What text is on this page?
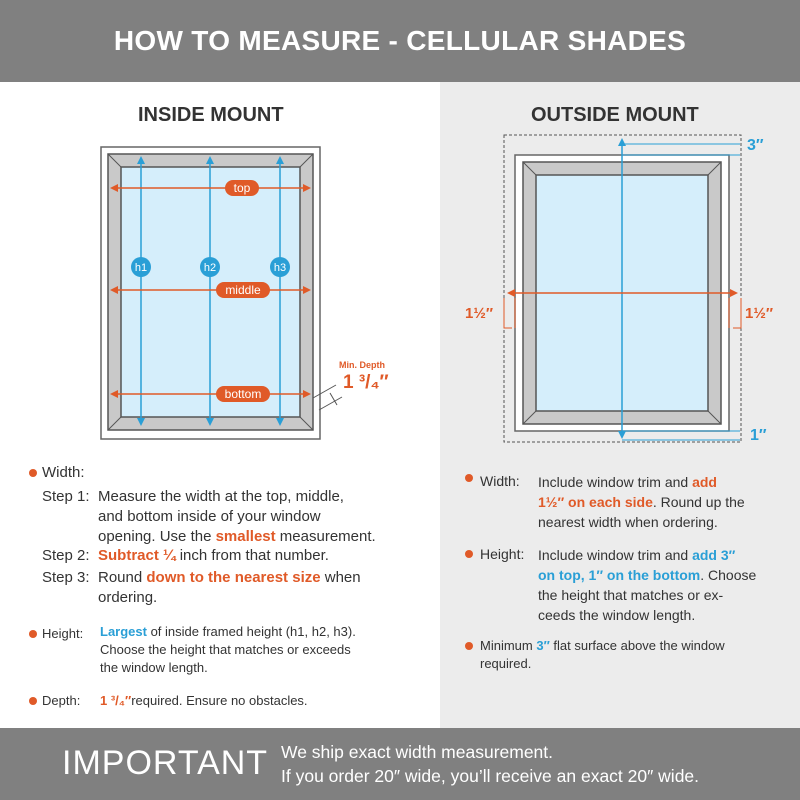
HOW TO MEASURE - CELLULAR SHADES
INSIDE MOUNT	OUTSIDE MOUNT
top
middle
bottom
h1	h2	h3
Min. Depth
1 ³/₄″
3″
1″
1½″	1½″
Width:
Step 1: Measure the width at the top, middle,
and bottom inside of your window
opening. Use the smallest measurement.
Step 2: Subtract ¼ inch from that number.
Step 3: Round down to the nearest size when
ordering.
Height: Largest of inside framed height (h1, h2, h3).
Choose the height that matches or exceeds
the window length.
Depth: 1 ³/₄″required. Ensure no obstacles.
Width: Include window trim and add
1½″ on each side. Round up the
nearest width when ordering.
Height: Include window trim and add 3″
on top, 1″ on the bottom. Choose
the height that matches or ex-
ceeds the window length.
Minimum 3″ flat surface above the window
required.
IMPORTANT We ship exact width measurement.
If you order 20″ wide, you’ll receive an exact 20″ wide.
